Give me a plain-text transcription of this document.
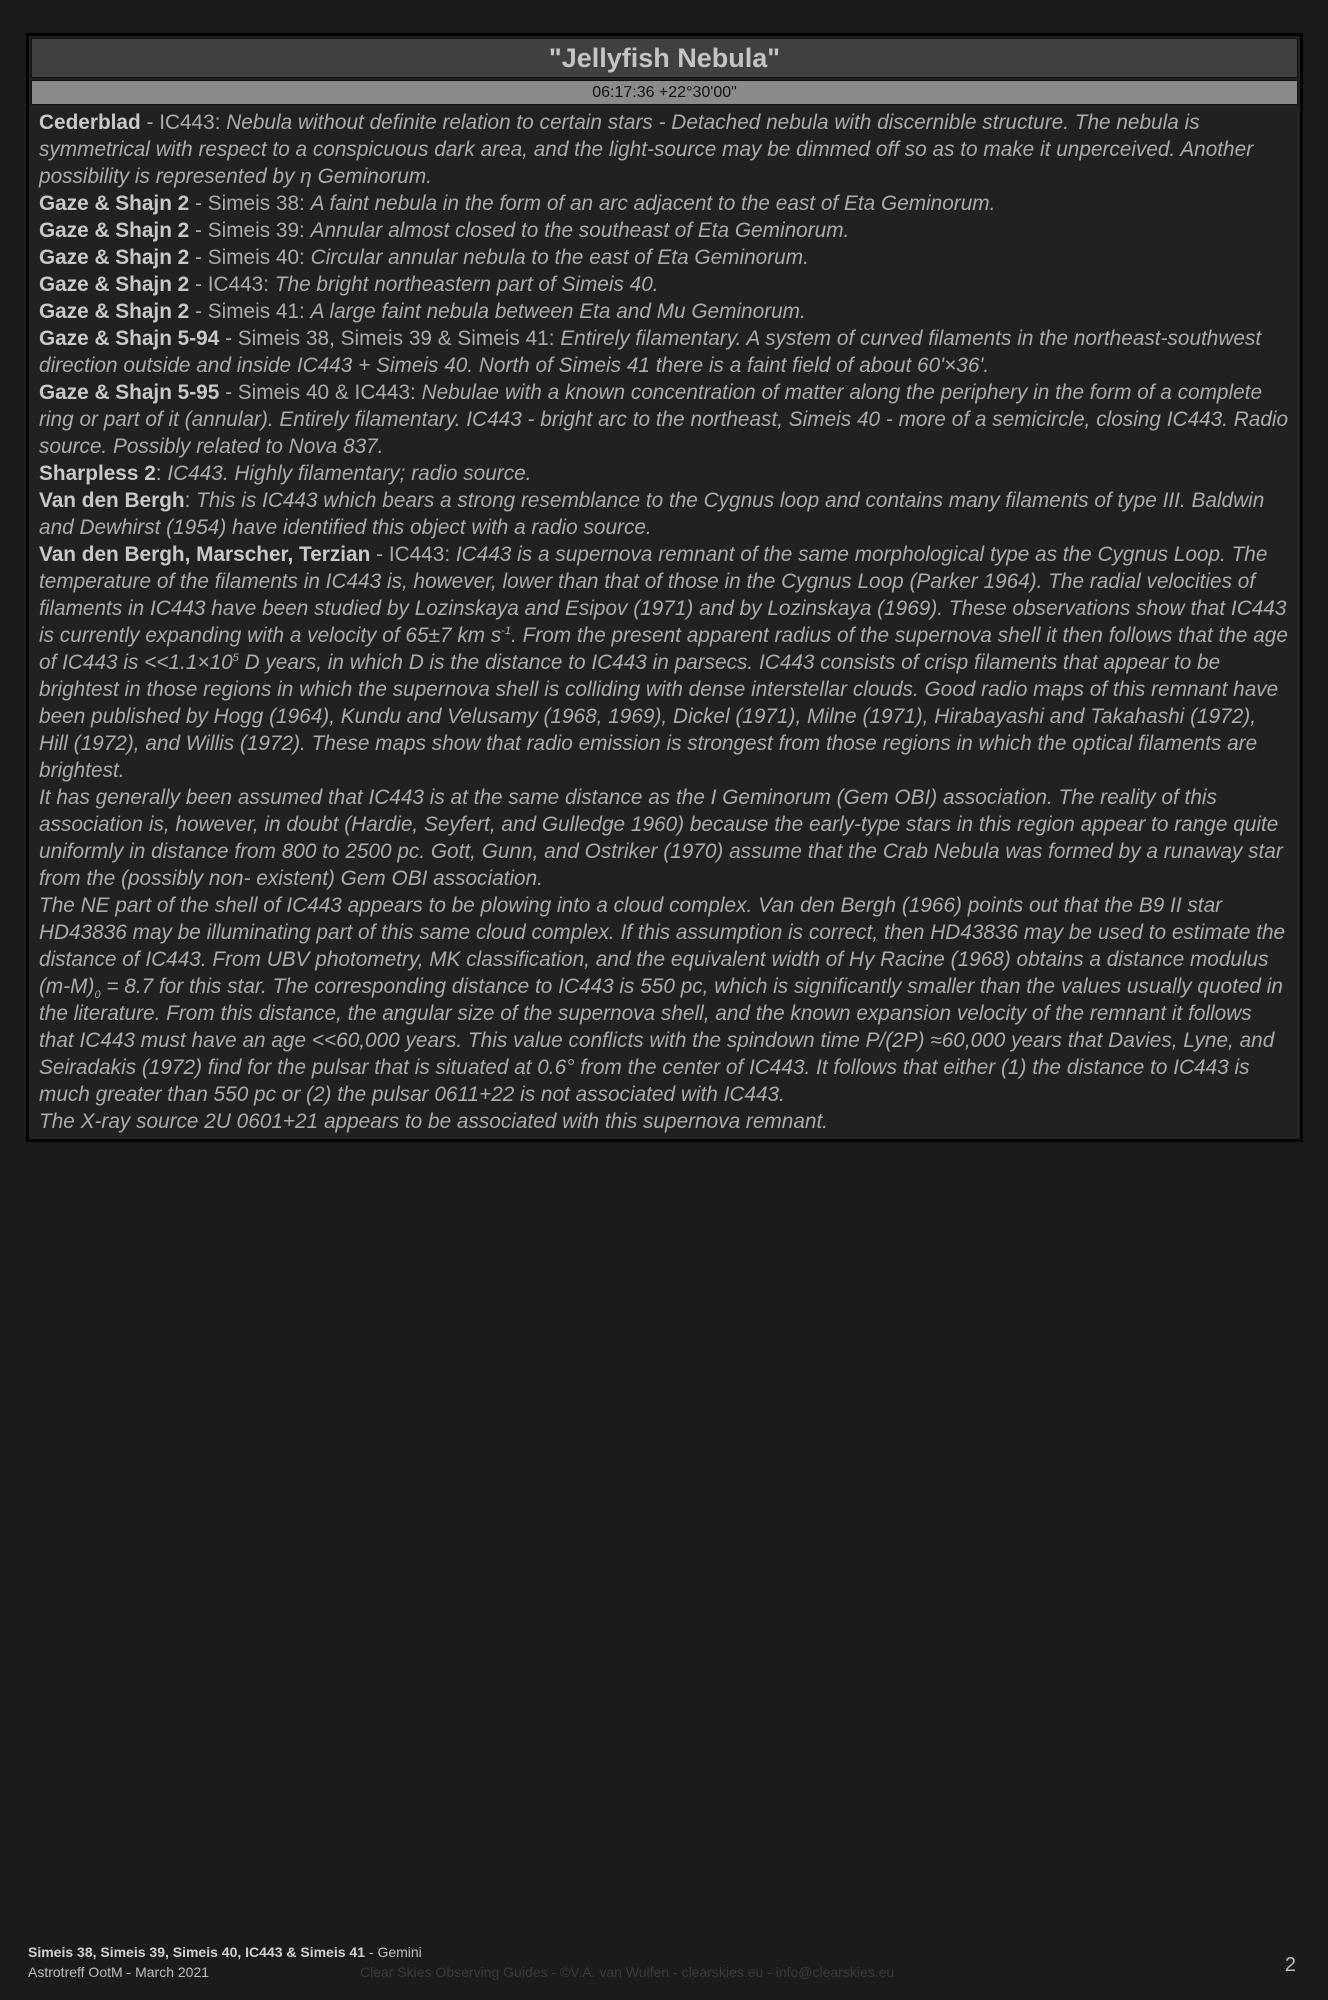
"Jellyfish Nebula"
06:17:36 +22°30'00"

Cederblad - IC443: Nebula without definite relation to certain stars - Detached nebula with discernible structure. The nebula is symmetrical with respect to a conspicuous dark area, and the light-source may be dimmed off so as to make it unperceived. Another possibility is represented by η Geminorum.

Gaze & Shajn 2 - Simeis 38: A faint nebula in the form of an arc adjacent to the east of Eta Geminorum.

Gaze & Shajn 2 - Simeis 39: Annular almost closed to the southeast of Eta Geminorum.

Gaze & Shajn 2 - Simeis 40: Circular annular nebula to the east of Eta Geminorum.

Gaze & Shajn 2 - IC443: The bright northeastern part of Simeis 40.

Gaze & Shajn 2 - Simeis 41: A large faint nebula between Eta and Mu Geminorum.

Gaze & Shajn 5-94 - Simeis 38, Simeis 39 & Simeis 41: Entirely filamentary. A system of curved filaments in the northeast-southwest direction outside and inside IC443 + Simeis 40. North of Simeis 41 there is a faint field of about 60'×36'.

Gaze & Shajn 5-95 - Simeis 40 & IC443: Nebulae with a known concentration of matter along the periphery in the form of a complete ring or part of it (annular). Entirely filamentary. IC443 - bright arc to the northeast, Simeis 40 - more of a semicircle, closing IC443. Radio source. Possibly related to Nova 837.

Sharpless 2: IC443. Highly filamentary; radio source.

Van den Bergh: This is IC443 which bears a strong resemblance to the Cygnus loop and contains many filaments of type III. Baldwin and Dewhirst (1954) have identified this object with a radio source.

Van den Bergh, Marscher, Terzian - IC443: IC443 is a supernova remnant of the same morphological type as the Cygnus Loop. The temperature of the filaments in IC443 is, however, lower than that of those in the Cygnus Loop (Parker 1964). The radial velocities of filaments in IC443 have been studied by Lozinskaya and Esipov (1971) and by Lozinskaya (1969). These observations show that IC443 is currently expanding with a velocity of 65±7 km $s^{-1}$. From the present apparent radius of the supernova shell it then follows that the age of IC443 is $<<1.1\times 10^5$ D years, in which D is the distance to IC443 in parsecs. IC443 consists of crisp filaments that appear to be brightest in those regions in which the supernova shell is colliding with dense interstellar clouds. Good radio maps of this remnant have been published by Hogg (1964), Kundu and Velusamy (1968, 1969), Dickel (1971), Milne (1971), Hirabayashi and Takahashi (1972), Hill (1972), and Willis (1972). These maps show that radio emission is strongest from those regions in which the optical filaments are brightest.

It has generally been assumed that IC443 is at the same distance as the I Geminorum (Gem OBI) association. The reality of this association is, however, in doubt (Hardie, Seyfert, and Gulledge 1960) because the early-type stars in this region appear to range quite uniformly in distance from 800 to 2500 pc. Gott, Gunn, and Ostriker (1970) assume that the Crab Nebula was formed by a runaway star from the (possibly non- existent) Gem OBI association.

The NE part of the shell of IC443 appears to be plowing into a cloud complex. Van den Bergh (1966) points out that the B9 II star HD43836 may be illuminating part of this same cloud complex. If this assumption is correct, then HD43836 may be used to estimate the distance of IC443. From UBV photometry, MK classification, and the equivalent width of Hγ Racine (1968) obtains a distance modulus $(m-M)_0 = 8.7$ for this star. The corresponding distance to IC443 is 550 pc, which is significantly smaller than the values usually quoted in the literature. From this distance, the angular size of the supernova shell, and the known expansion velocity of the remnant it follows that IC443 must have an age <<60,000 years. This value conflicts with the spindown time P/(2P) ≈60,000 years that Davies, Lyne, and Seiradakis (1972) find for the pulsar that is situated at 0.6° from the center of IC443. It follows that either (1) the distance to IC443 is much greater than 550 pc or (2) the pulsar 0611+22 is not associated with IC443.

The X-ray source 2U 0601+21 appears to be associated with this supernova remnant.

Simeis 38, Simeis 39, Simeis 40, IC443 & Simeis 41 - Gemini
Astrotreff OotM - March 2021	Clear Skies Observing Guides - ©V.A. van Wulfen - clearskies.eu - info@clearskies.eu	2
